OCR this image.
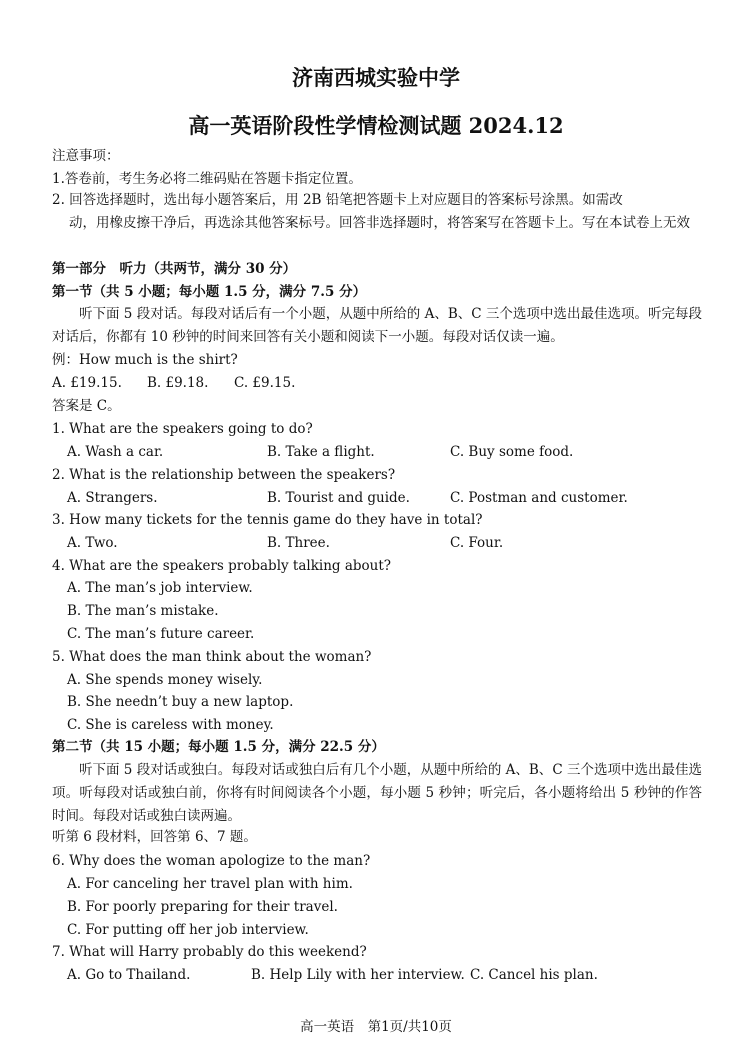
济南西城实验中学
高一英语阶段性学情检测试题 2024.12
注意事项：
1.答卷前，考生务必将二维码贴在答题卡指定位置。
2. 回答选择题时，选出每小题答案后，用 2B 铅笔把答题卡上对应题目的答案标号涂黑。如需改
动，用橡皮擦干净后，再选涂其他答案标号。回答非选择题时，将答案写在答题卡上。写在本试卷上无效
第一部分　听力（共两节，满分 30 分）
第一节（共 5 小题；每小题 1.5 分，满分 7.5 分）
听下面 5 段对话。每段对话后有一个小题，从题中所给的 A、B、C 三个选项中选出最佳选项。听完每段对话后，你都有 10 秒钟的时间来回答有关小题和阅读下一小题。每段对话仅读一遍。
例：How much is the shirt?
A. £19.15. B. £9.18. C. £9.15.
答案是 C。
1. What are the speakers going to do?
A. Wash a car.	B. Take a flight.	C. Buy some food.
2. What is the relationship between the speakers?
A. Strangers.	B. Tourist and guide.	C. Postman and customer.
3. How many tickets for the tennis game do they have in total?
A. Two.	B. Three.	C. Four.
4. What are the speakers probably talking about?
A. The man’s job interview.
B. The man’s mistake.
C. The man’s future career.
5. What does the man think about the woman?
A. She spends money wisely.
B. She needn’t buy a new laptop.
C. She is careless with money.
第二节（共 15 小题；每小题 1.5 分，满分 22.5 分）
听下面 5 段对话或独白。每段对话或独白后有几个小题，从题中所给的 A、B、C 三个选项中选出最佳选项。听每段对话或独白前，你将有时间阅读各个小题，每小题 5 秒钟；听完后，各小题将给出 5 秒钟的作答时间。每段对话或独白读两遍。
听第 6 段材料，回答第 6、7 题。
6. Why does the woman apologize to the man?
A. For canceling her travel plan with him.
B. For poorly preparing for their travel.
C. For putting off her job interview.
7. What will Harry probably do this weekend?
A. Go to Thailand.	B. Help Lily with her interview. C. Cancel his plan.
高一英语　第1页/共10页
